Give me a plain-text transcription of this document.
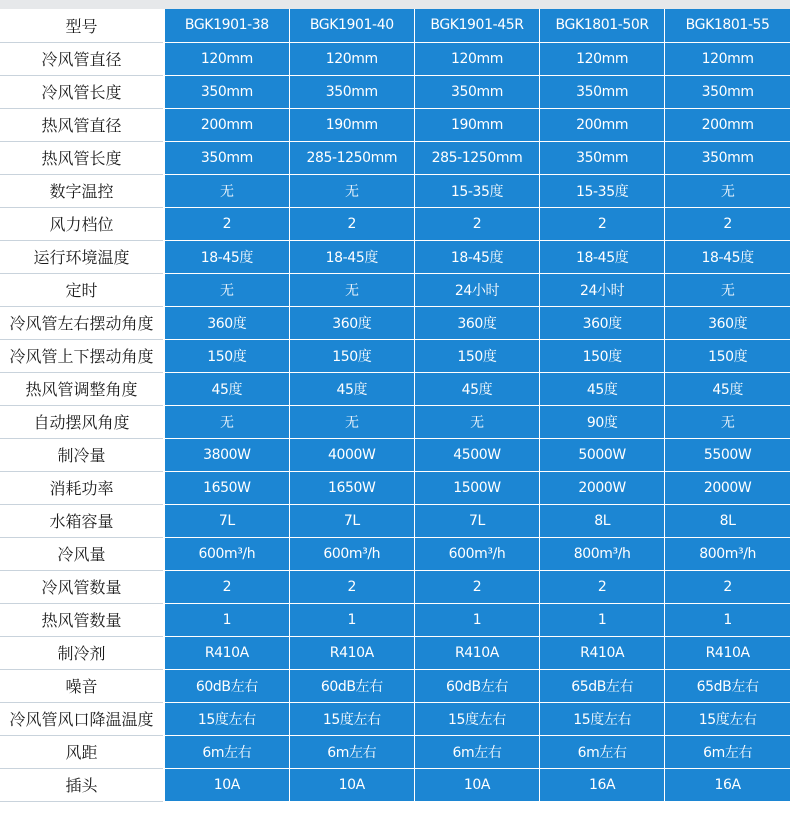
型号	BGK1901-38	BGK1901-40	BGK1901-45R	BGK1801-50R	BGK1801-55
冷风管直径	120mm	120mm	120mm	120mm	120mm
冷风管长度	350mm	350mm	350mm	350mm	350mm
热风管直径	200mm	190mm	190mm	200mm	200mm
热风管长度	350mm	285-1250mm	285-1250mm	350mm	350mm
数字温控	无	无	15-35度	15-35度	无
风力档位	2	2	2	2	2
运行环境温度	18-45度	18-45度	18-45度	18-45度	18-45度
定时	无	无	24小时	24小时	无
冷风管左右摆动角度	360度	360度	360度	360度	360度
冷风管上下摆动角度	150度	150度	150度	150度	150度
热风管调整角度	45度	45度	45度	45度	45度
自动摆风角度	无	无	无	90度	无
制冷量	3800W	4000W	4500W	5000W	5500W
消耗功率	1650W	1650W	1500W	2000W	2000W
水箱容量	7L	7L	7L	8L	8L
冷风量	600m³/h	600m³/h	600m³/h	800m³/h	800m³/h
冷风管数量	2	2	2	2	2
热风管数量	1	1	1	1	1
制冷剂	R410A	R410A	R410A	R410A	R410A
噪音	60dB左右	60dB左右	60dB左右	65dB左右	65dB左右
冷风管风口降温温度	15度左右	15度左右	15度左右	15度左右	15度左右
风距	6m左右	6m左右	6m左右	6m左右	6m左右
插头	10A	10A	10A	16A	16A
